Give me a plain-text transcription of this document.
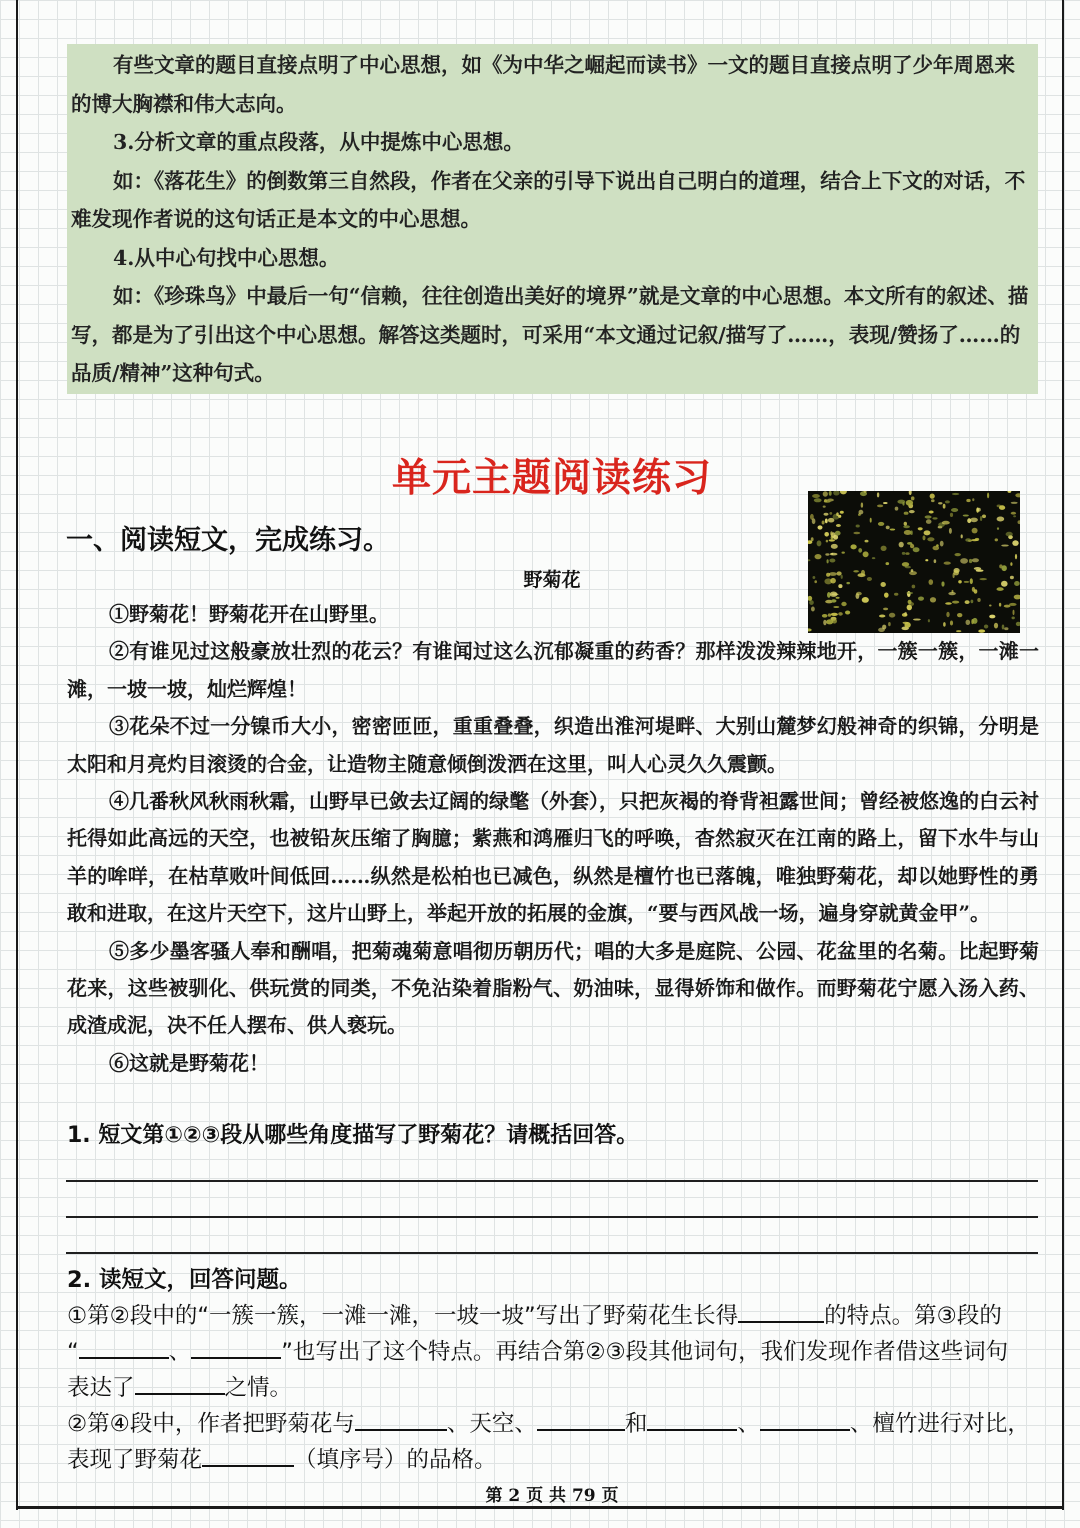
有些文章的题目直接点明了中心思想，如《为中华之崛起而读书》一文的题目直接点明了少年周恩来的博大胸襟和伟大志向。

3.分析文章的重点段落，从中提炼中心思想。

如：《落花生》的倒数第三自然段，作者在父亲的引导下说出自己明白的道理，结合上下文的对话，不难发现作者说的这句话正是本文的中心思想。

4.从中心句找中心思想。

如：《珍珠鸟》中最后一句“信赖，往往创造出美好的境界”就是文章的中心思想。本文所有的叙述、描写，都是为了引出这个中心思想。解答这类题时，可采用“本文通过记叙/描写了……，表现/赞扬了……的品质/精神”这种句式。

单元主题阅读练习
一、阅读短文，完成练习。
野菊花

①野菊花！野菊花开在山野里。

②有谁见过这般豪放壮烈的花云？有谁闻过这么沉郁凝重的药香？那样泼泼辣辣地开，一簇一簇，一滩一滩，一坡一坡，灿烂辉煌！

③花朵不过一分镍币大小，密密匝匝，重重叠叠，织造出淮河堤畔、大别山麓梦幻般神奇的织锦，分明是太阳和月亮灼目滚烫的合金，让造物主随意倾倒泼洒在这里，叫人心灵久久震颤。

④几番秋风秋雨秋霜，山野早已敛去辽阔的绿氅（外套），只把灰褐的脊背袒露世间；曾经被悠逸的白云衬托得如此高远的天空，也被铅灰压缩了胸臆；紫燕和鸿雁归飞的呼唤，杳然寂灭在江南的路上，留下水牛与山羊的哞咩，在枯草败叶间低回……纵然是松柏也已减色，纵然是檀竹也已落魄，唯独野菊花，却以她野性的勇敢和进取，在这片天空下，这片山野上，举起开放的拓展的金旗，“要与西风战一场，遍身穿就黄金甲”。

⑤多少墨客骚人奉和酬唱，把菊魂菊意唱彻历朝历代；唱的大多是庭院、公园、花盆里的名菊。比起野菊花来，这些被驯化、供玩赏的同类，不免沾染着脂粉气、奶油味，显得娇饰和做作。而野菊花宁愿入汤入药、成渣成泥，决不任人摆布、供人亵玩。

⑥这就是野菊花！

1. 短文第①②③段从哪些角度描写了野菊花？请概括回答。

2. 读短文，回答问题。

①第②段中的“一簇一簇，一滩一滩，一坡一坡”写出了野菊花生长得	的特点。第③段的

“	、	”也写出了这个特点。再结合第②③段其他词句，我们发现作者借这些词句

表达了	之情。

②第④段中，作者把野菊花与	、天空、	和	、	、檀竹进行对比，

表现了野菊花	（填序号）的品格。

第 2 页 共 79 页
